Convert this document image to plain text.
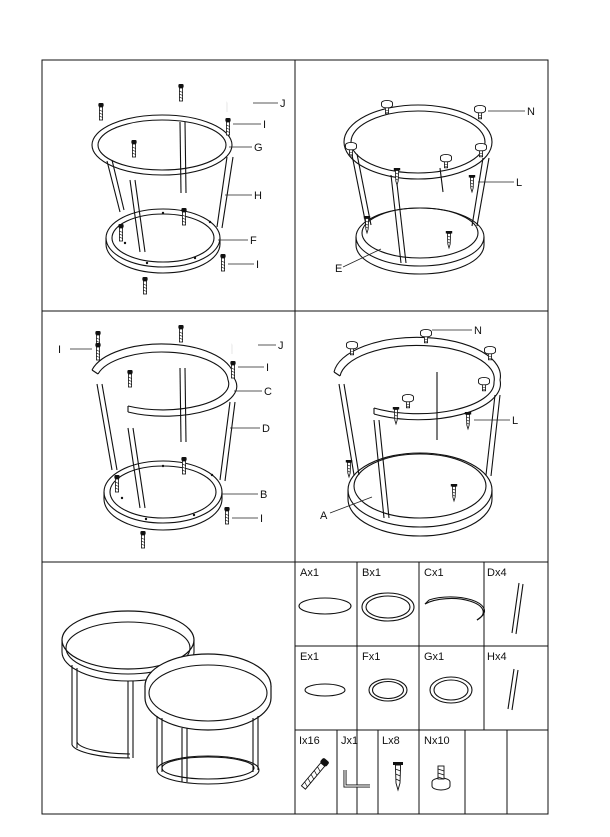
J
I
G
H
F
I
N
L
E
I	J
I
C
D
B
I
N
L
A
Ax1	Bx1	Cx1	Dx4
Ex1	Fx1	Gx1	Hx4
Ix16 Jx1 Lx8 Nx10
